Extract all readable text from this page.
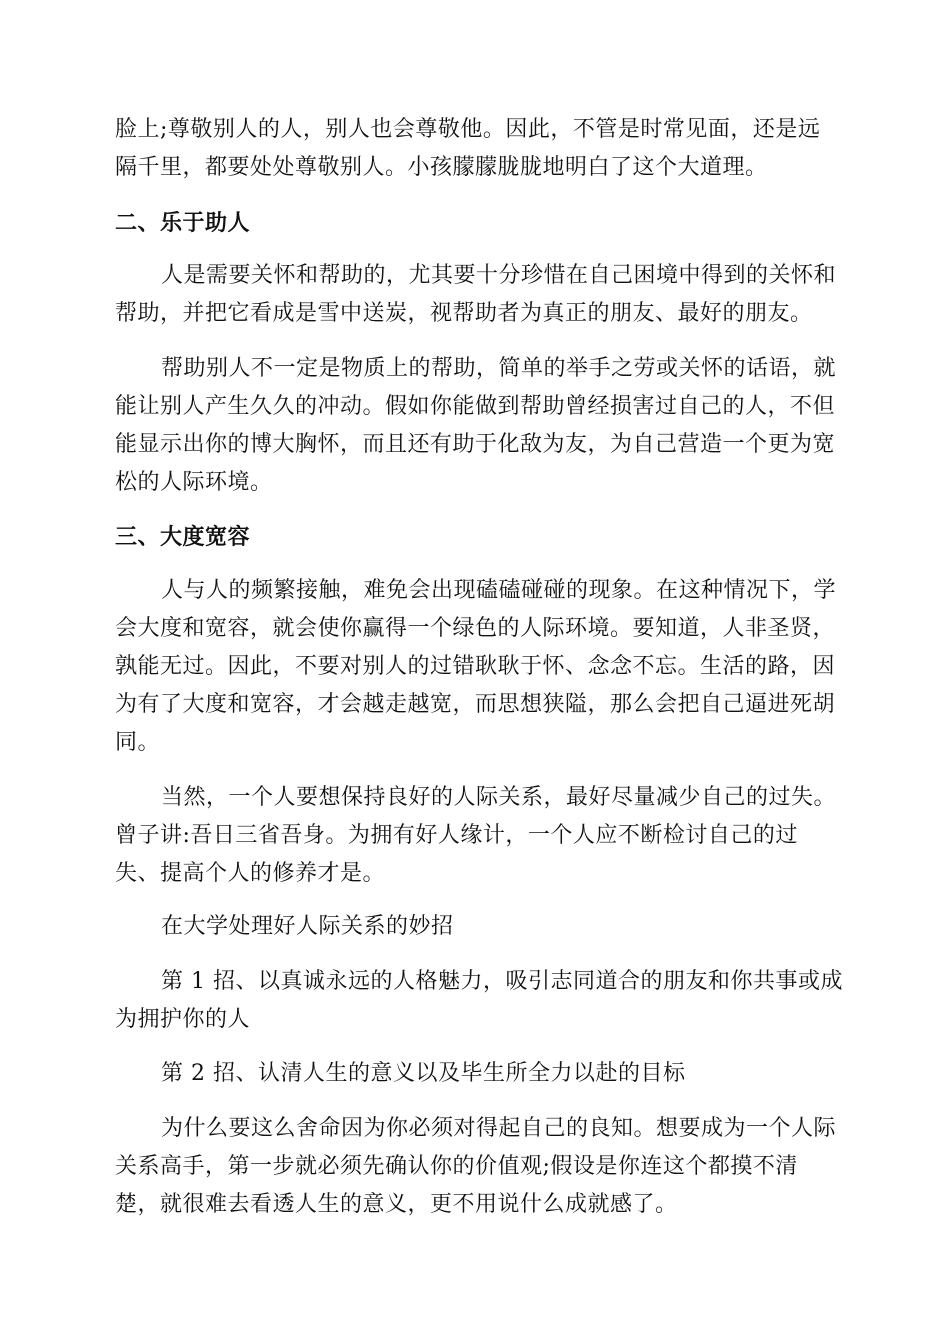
脸上;尊敬别人的人，别人也会尊敬他。因此，不管是时常见面，还是远
隔千里，都要处处尊敬别人。小孩朦朦胧胧地明白了这个大道理。
二、乐于助人
人是需要关怀和帮助的，尤其要十分珍惜在自己困境中得到的关怀和
帮助，并把它看成是雪中送炭，视帮助者为真正的朋友、最好的朋友。
帮助别人不一定是物质上的帮助，简单的举手之劳或关怀的话语，就
能让别人产生久久的冲动。假如你能做到帮助曾经损害过自己的人，不但
能显示出你的博大胸怀，而且还有助于化敌为友，为自己营造一个更为宽
松的人际环境。
三、大度宽容
人与人的频繁接触，难免会出现磕磕碰碰的现象。在这种情况下，学
会大度和宽容，就会使你赢得一个绿色的人际环境。要知道，人非圣贤，
孰能无过。因此，不要对别人的过错耿耿于怀、念念不忘。生活的路，因
为有了大度和宽容，才会越走越宽，而思想狭隘，那么会把自己逼进死胡
同。
当然，一个人要想保持良好的人际关系，最好尽量减少自己的过失。
曾子讲:吾日三省吾身。为拥有好人缘计，一个人应不断检讨自己的过
失、提高个人的修养才是。
在大学处理好人际关系的妙招
第 1 招、以真诚永远的人格魅力，吸引志同道合的朋友和你共事或成
为拥护你的人
第 2 招、认清人生的意义以及毕生所全力以赴的目标
为什么要这么舍命因为你必须对得起自己的良知。想要成为一个人际
关系高手，第一步就必须先确认你的价值观;假设是你连这个都摸不清
楚，就很难去看透人生的意义，更不用说什么成就感了。
